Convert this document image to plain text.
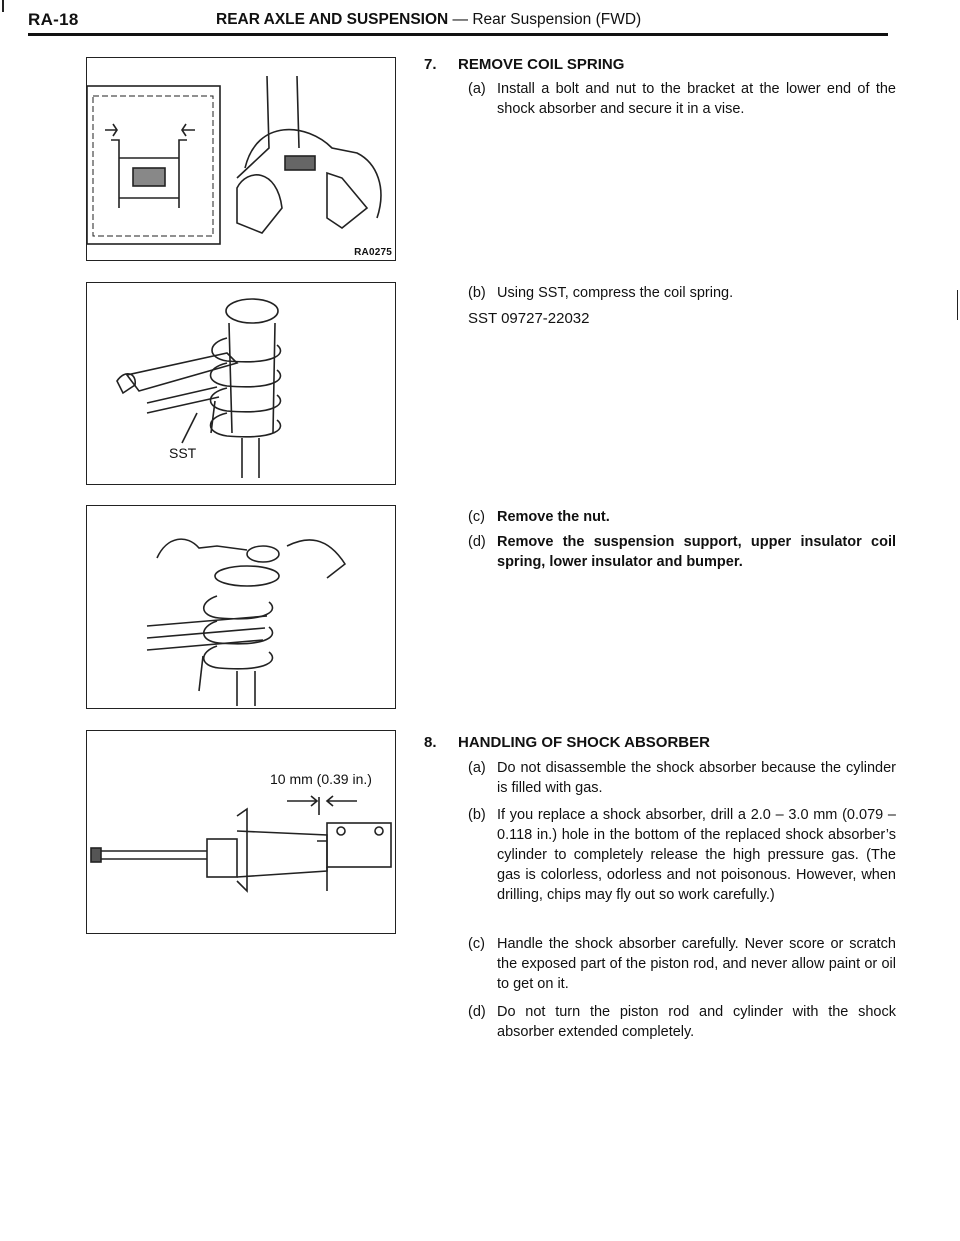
RA-18	REAR AXLE AND SUSPENSION — Rear Suspension (FWD)
RA0275
SST
10 mm (0.39 in.)
7. REMOVE COIL SPRING
(a) Install a bolt and nut to the bracket at the lower end of the shock absorber and secure it in a vise.
(b) Using SST, compress the coil spring.
SST 09727-22032
(c) Remove the nut.
(d) Remove the suspension support, upper insulator coil spring, lower insulator and bumper.
8. HANDLING OF SHOCK ABSORBER
(a) Do not disassemble the shock absorber because the cylinder is filled with gas.
(b) If you replace a shock absorber, drill a 2.0 – 3.0 mm (0.079 – 0.118 in.) hole in the bottom of the replaced shock absorber’s cylinder to completely release the high pressure gas. (The gas is colorless, odorless and not poisonous. However, when drilling, chips may fly out so work carefully.)
(c) Handle the shock absorber carefully. Never score or scratch the exposed part of the piston rod, and never allow paint or oil to get on it.
(d) Do not turn the piston rod and cylinder with the shock absorber extended completely.
